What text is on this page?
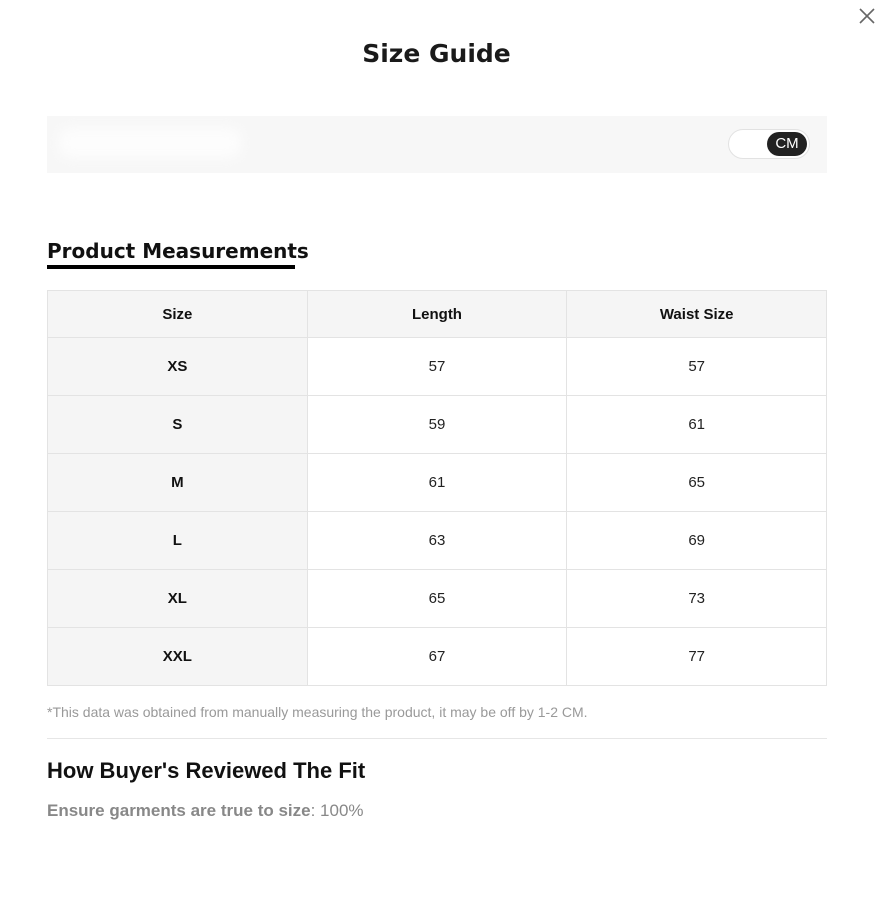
Size Guide
CM
Product Measurements
Size	Length	Waist Size
XS	57	57
S	59	61
M	61	65
L	63	69
XL	65	73
XXL	67	77
*This data was obtained from manually measuring the product, it may be off by 1-2 CM.
How Buyer's Reviewed The Fit
Ensure garments are true to size: 100%
